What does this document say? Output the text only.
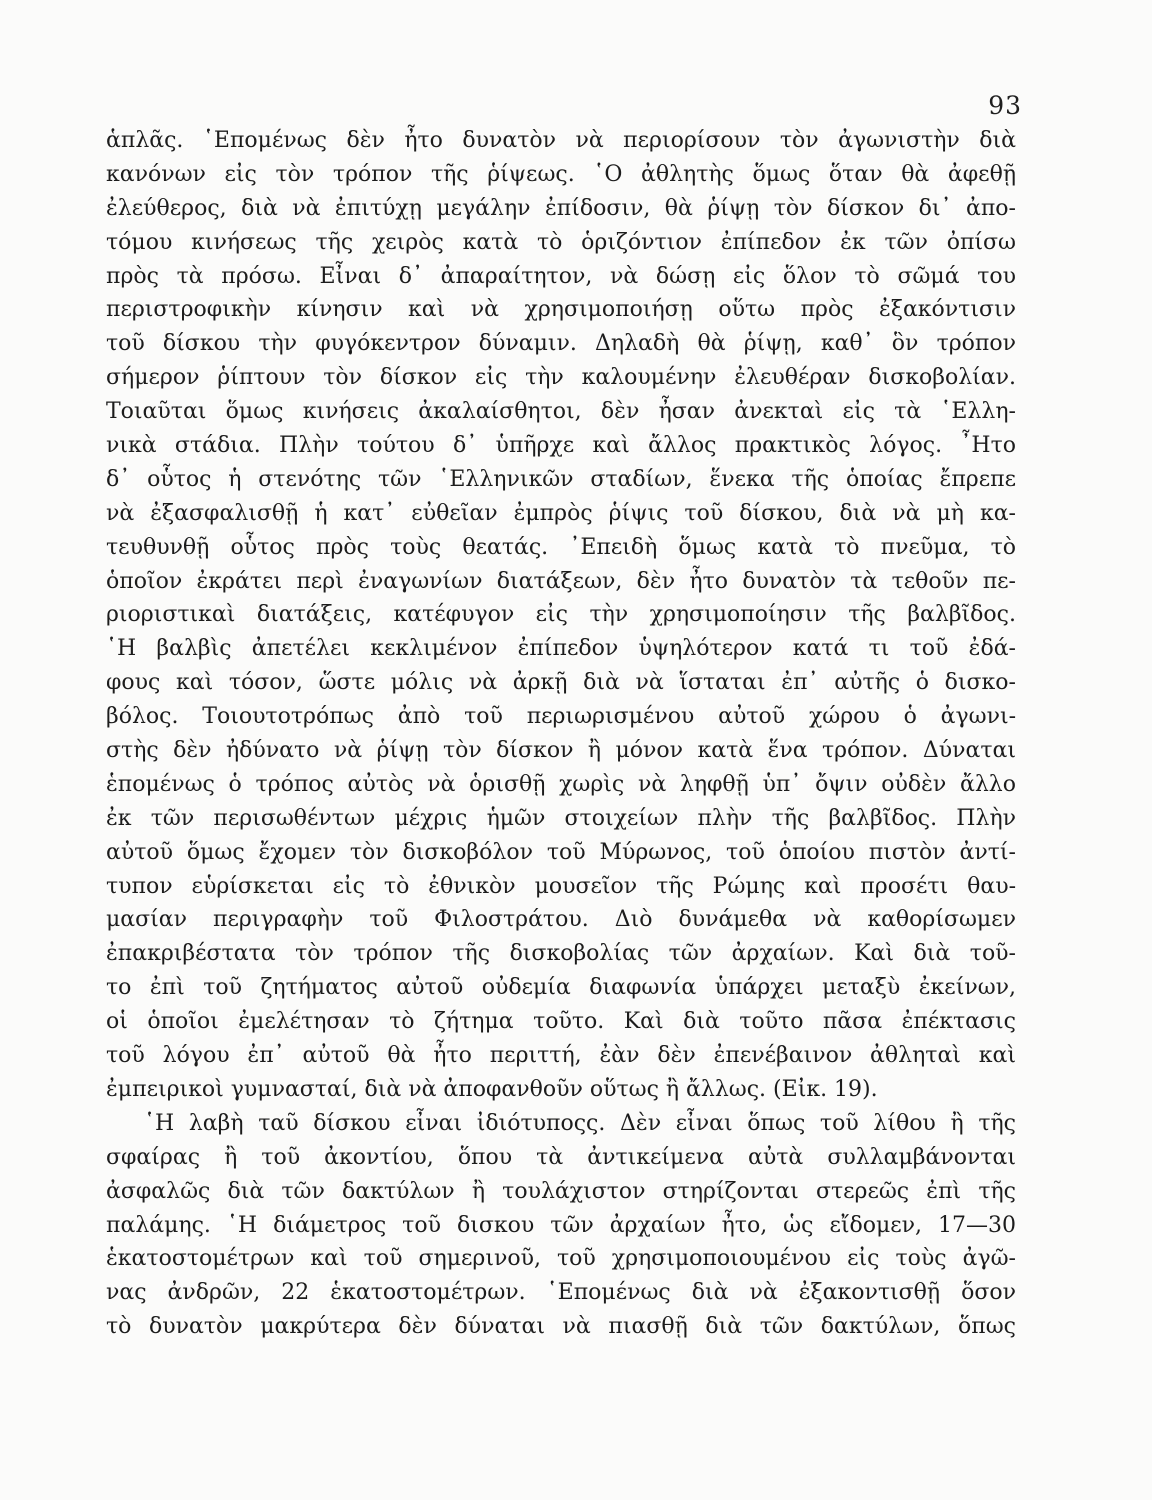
93
ἁπλᾶς. ῾Επομένως δὲν ἦτο δυνατὸν νὰ περιορίσουν τὸν ἀγωνιστὴν διὰ
κανόνων εἰς τὸν τρόπον τῆς ῥίψεως. ῾Ο ἀθλητὴς ὅμως ὅταν θὰ ἀφεθῇ
ἐλεύθερος, διὰ νὰ ἐπιτύχῃ μεγάλην ἐπίδοσιν, θὰ ῥίψῃ τὸν δίσκον δι᾽ ἀπο-
τόμου κινήσεως τῆς χειρὸς κατὰ τὸ ὁριζόντιον ἐπίπεδον ἐκ τῶν ὀπίσω
πρὸς τὰ πρόσω. Εἶναι δ᾽ ἀπαραίτητον, νὰ δώσῃ εἰς ὅλον τὸ σῶμά του
περιστροφικὴν κίνησιν καὶ νὰ χρησιμοποιήσῃ οὕτω πρὸς ἐξακόντισιν
τοῦ δίσκου τὴν φυγόκεντρον δύναμιν. Δηλαδὴ θὰ ῥίψῃ, καθ᾽ ὃν τρόπον
σήμερον ῥίπτουν τὸν δίσκον εἰς τὴν καλουμένην ἐλευθέραν δισκοβολίαν.
Τοιαῦται ὅμως κινήσεις ἀκαλαίσθητοι, δὲν ἦσαν ἀνεκταὶ εἰς τὰ ῾Ελλη-
νικὰ στάδια. Πλὴν τούτου δ᾽ ὑπῆρχε καὶ ἄλλος πρακτικὸς λόγος. ῏Ητο
δ᾽ οὗτος ἡ στενότης τῶν ῾Ελληνικῶν σταδίων, ἕνεκα τῆς ὁποίας ἔπρεπε
νὰ ἐξασφαλισθῇ ἡ κατ᾽ εὐθεῖαν ἐμπρὸς ῥίψις τοῦ δίσκου, διὰ νὰ μὴ κα-
τευθυνθῇ οὗτος πρὸς τοὺς θεατάς. ᾿Επειδὴ ὅμως κατὰ τὸ πνεῦμα, τὸ
ὁποῖον ἐκράτει περὶ ἐναγωνίων διατάξεων, δὲν ἦτο δυνατὸν τὰ τεθοῦν πε-
ριοριστικαὶ διατάξεις, κατέφυγον εἰς τὴν χρησιμοποίησιν τῆς βαλβῖδος.
῾Η βαλβὶς ἀπετέλει κεκλιμένον ἐπίπεδον ὑψηλότερον κατά τι τοῦ ἐδά-
φους καὶ τόσον, ὥστε μόλις νὰ ἀρκῇ διὰ νὰ ἵσταται ἐπ᾽ αὐτῆς ὁ δισκο-
βόλος. Τοιουτοτρόπως ἀπὸ τοῦ περιωρισμένου αὐτοῦ χώρου ὁ ἀγωνι-
στὴς δὲν ἠδύνατο νὰ ῥίψῃ τὸν δίσκον ἢ μόνον κατὰ ἕνα τρόπον. Δύναται
ἑπομένως ὁ τρόπος αὐτὸς νὰ ὁρισθῇ χωρὶς νὰ ληφθῇ ὑπ᾽ ὄψιν οὐδὲν ἄλλο
ἐκ τῶν περισωθέντων μέχρις ἡμῶν στοιχείων πλὴν τῆς βαλβῖδος. Πλὴν
αὐτοῦ ὅμως ἔχομεν τὸν δισκοβόλον τοῦ Μύρωνος, τοῦ ὁποίου πιστὸν ἀντί-
τυπον εὑρίσκεται εἰς τὸ ἐθνικὸν μουσεῖον τῆς Ρώμης καὶ προσέτι θαυ-
μασίαν περιγραφὴν τοῦ Φιλοστράτου. Διὸ δυνάμεθα νὰ καθορίσωμεν
ἐπακριβέστατα τὸν τρόπον τῆς δισκοβολίας τῶν ἀρχαίων. Καὶ διὰ τοῦ-
το ἐπὶ τοῦ ζητήματος αὐτοῦ οὐδεμία διαφωνία ὑπάρχει μεταξὺ ἐκείνων,
οἱ ὁποῖοι ἐμελέτησαν τὸ ζήτημα τοῦτο. Καὶ διὰ τοῦτο πᾶσα ἐπέκτασις
τοῦ λόγου ἐπ᾽ αὐτοῦ θὰ ἦτο περιττή, ἐὰν δὲν ἐπενέβαινον ἀθληταὶ καὶ
ἐμπειρικοὶ γυμνασταί, διὰ νὰ ἀποφανθοῦν οὕτως ἢ ἄλλως. (Εἰκ. 19).
῾Η λαβὴ ταῦ δίσκου εἶναι ἰδιότυποςς. Δὲν εἶναι ὅπως τοῦ λίθου ἢ τῆς
σφαίρας ἢ τοῦ ἀκοντίου, ὅπου τὰ ἀντικείμενα αὐτὰ συλλαμβάνονται
ἀσφαλῶς διὰ τῶν δακτύλων ἢ τουλάχιστον στηρίζονται στερεῶς ἐπὶ τῆς
παλάμης. ῾Η διάμετρος τοῦ δισκου τῶν ἀρχαίων ἦτο, ὡς εἴδομεν, 17—30
ἑκατοστομέτρων καὶ τοῦ σημερινοῦ, τοῦ χρησιμοποιουμένου εἰς τοὺς ἀγῶ-
νας ἀνδρῶν, 22 ἑκατοστομέτρων. ῾Επομένως διὰ νὰ ἐξακοντισθῇ ὅσον
τὸ δυνατὸν μακρύτερα δὲν δύναται νὰ πιασθῇ διὰ τῶν δακτύλων, ὅπως
